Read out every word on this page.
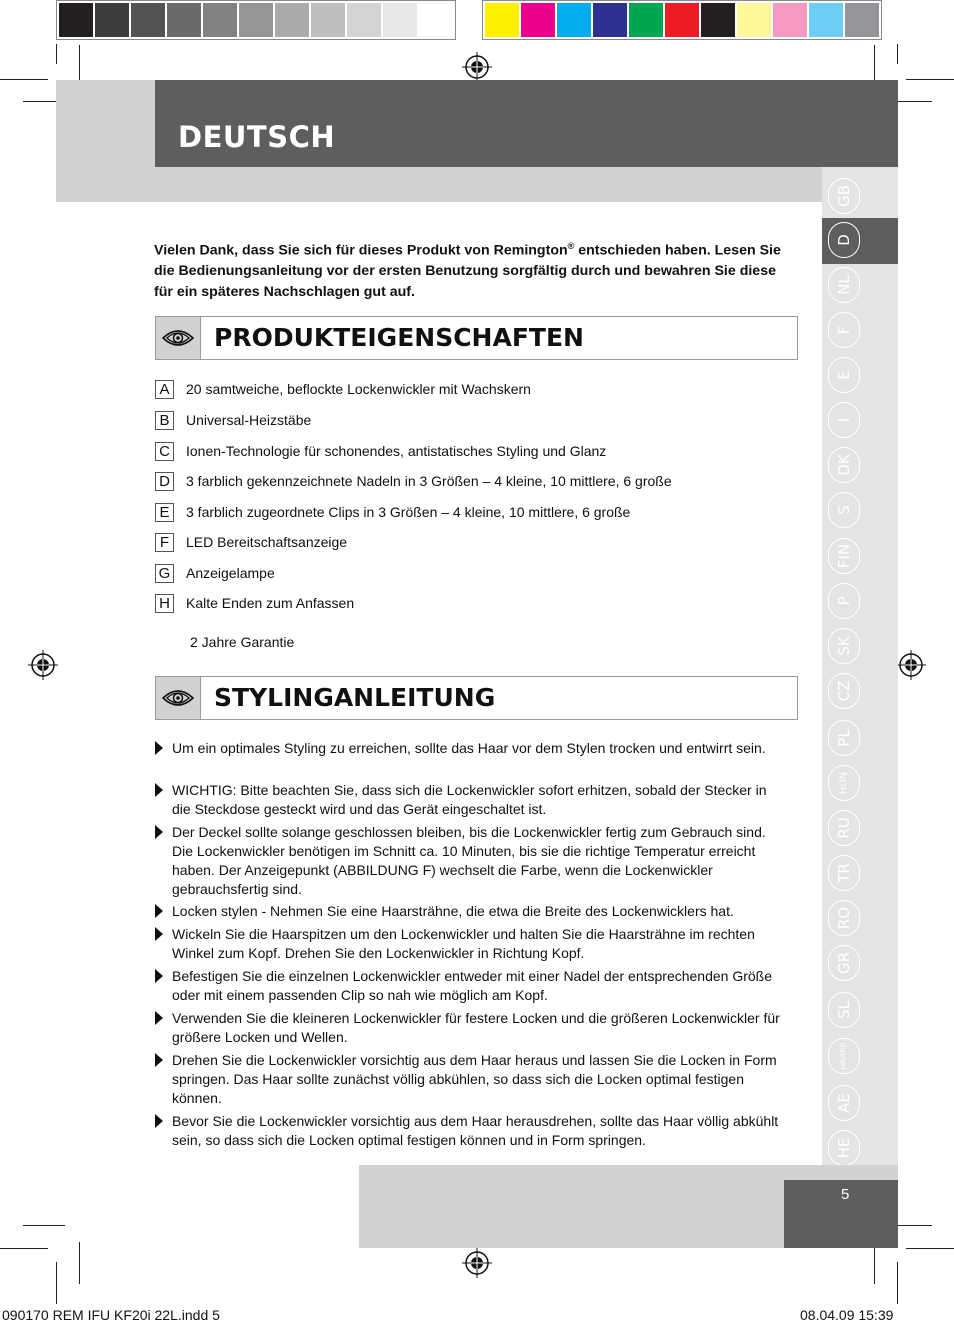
DEUTSCH
GB
D
NL
F
E
I
DK
S
FIN
P
SK
CZ
PL
HUN
RU
TR
RO
GR
SL
HR/SRB
AE
HE
Vielen Dank, dass Sie sich für dieses Produkt von Remington® entschieden haben. Lesen Sie die Bedienungsanleitung vor der ersten Benutzung sorgfältig durch und bewahren Sie diese für ein späteres Nachschlagen gut auf.
PRODUKTEIGENSCHAFTEN
A	20 samtweiche, beflockte Lockenwickler mit Wachskern
B	Universal-Heizstäbe
C Ionen-Technologie für schonendes, antistatisches Styling und Glanz
D 3 farblich gekennzeichnete Nadeln in 3 Größen – 4 kleine, 10 mittlere, 6 große
E	3 farblich zugeordnete Clips in 3 Größen – 4 kleine, 10 mittlere, 6 große
F	LED Bereitschaftsanzeige
G Anzeigelampe
H Kalte Enden zum Anfassen
2 Jahre Garantie
STYLINGANLEITUNG
Um ein optimales Styling zu erreichen, sollte das Haar vor dem Stylen trocken und entwirrt sein.
WICHTIG: Bitte beachten Sie, dass sich die Lockenwickler sofort erhitzen, sobald der Stecker in die Steckdose gesteckt wird und das Gerät eingeschaltet ist.
Der Deckel sollte solange geschlossen bleiben, bis die Lockenwickler fertig zum Gebrauch sind. Die Lockenwickler benötigen im Schnitt ca. 10 Minuten, bis sie die richtige Temperatur erreicht haben. Der Anzeigepunkt (ABBILDUNG F) wechselt die Farbe, wenn die Lockenwickler gebrauchsfertig sind.
Locken stylen - Nehmen Sie eine Haarsträhne, die etwa die Breite des Lockenwicklers hat.
Wickeln Sie die Haarspitzen um den Lockenwickler und halten Sie die Haarsträhne im rechten Winkel zum Kopf. Drehen Sie den Lockenwickler in Richtung Kopf.
Befestigen Sie die einzelnen Lockenwickler entweder mit einer Nadel der entsprechenden Größe oder mit einem passenden Clip so nah wie möglich am Kopf.
Verwenden Sie die kleineren Lockenwickler für festere Locken und die größeren Lockenwickler für größere Locken und Wellen.
Drehen Sie die Lockenwickler vorsichtig aus dem Haar heraus und lassen Sie die Locken in Form springen. Das Haar sollte zunächst völlig abkühlen, so dass sich die Locken optimal festigen können.
Bevor Sie die Lockenwickler vorsichtig aus dem Haar herausdrehen, sollte das Haar völlig abkühlt sein, so dass sich die Locken optimal festigen können und in Form springen.
5
090170 REM IFU KF20i 22L.indd 5	08.04.09 15:39
